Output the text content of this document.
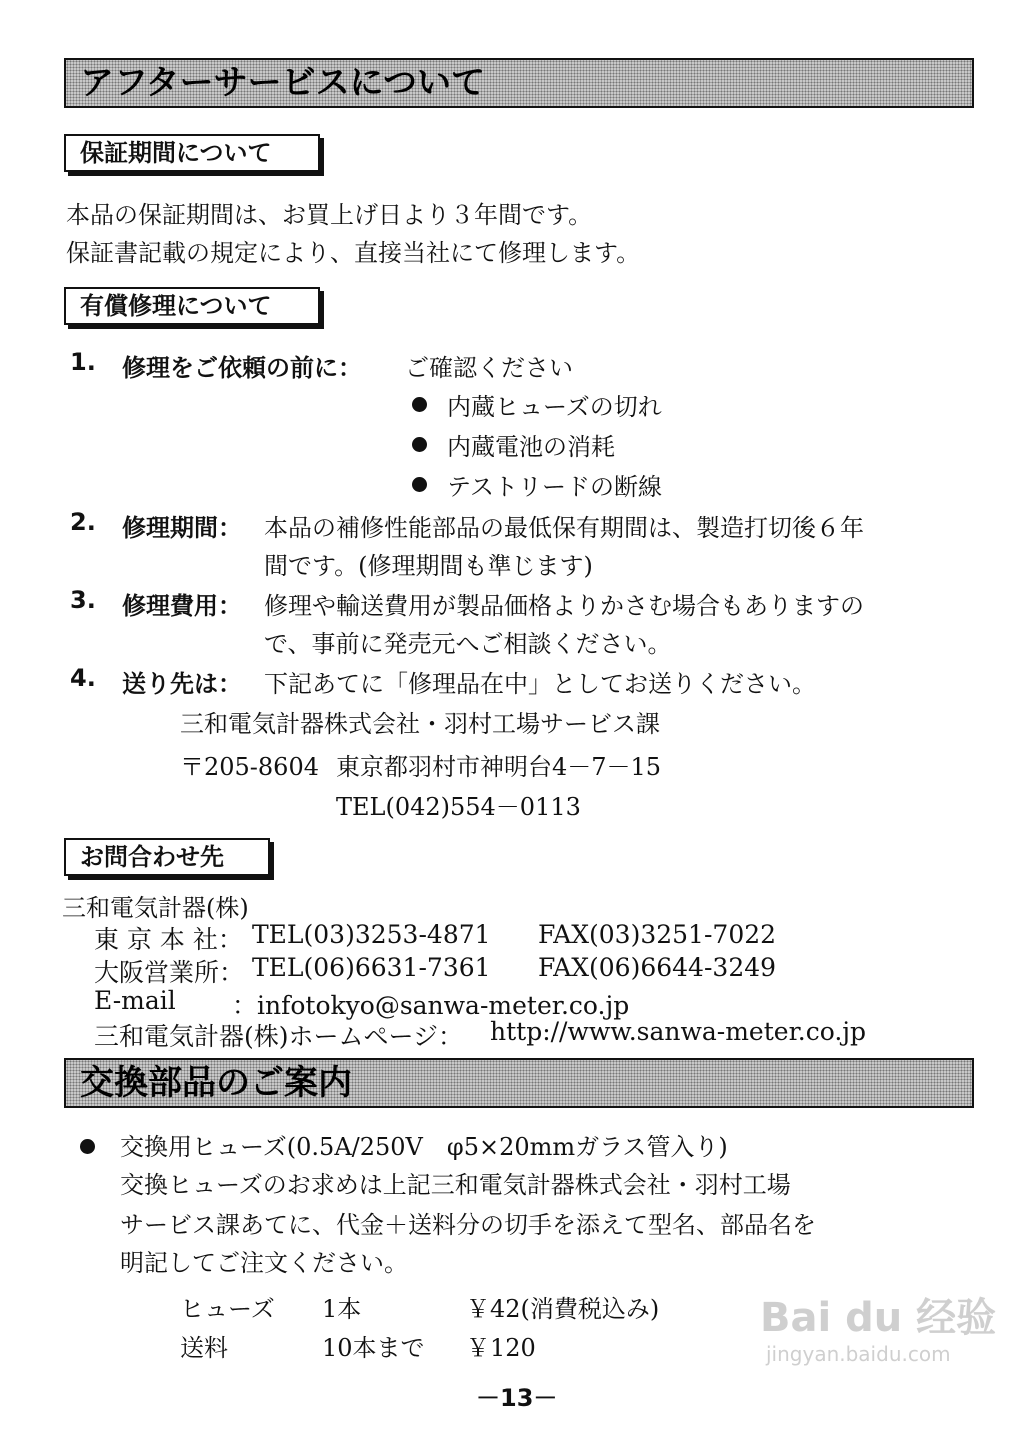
アフターサービスについて
保証期間について
本品の保証期間は、お買上げ日より３年間です。
保証書記載の規定により、直接当社にて修理します。
有償修理について
1. 修理をご依頼の前に： ご確認ください
内蔵ヒューズの切れ
内蔵電池の消耗
テストリードの断線
2. 修理期間： 本品の補修性能部品の最低保有期間は、製造打切後６年
間です。(修理期間も準じます)
3. 修理費用： 修理や輸送費用が製品価格よりかさむ場合もありますの
で、事前に発売元へご相談ください。
4. 送り先は： 下記あてに「修理品在中」としてお送りください。
三和電気計器株式会社・羽村工場サービス課
〒205-8604 東京都羽村市神明台4－7－15
TEL(042)554－0113
お問合わせ先
三和電気計器(株)
東 京 本 社： TEL(03)3253-4871 FAX(03)3251-7022
大阪営業所： TEL(06)6631-7361 FAX(06)6644-3249
E-mail ：infotokyo@sanwa-meter.co.jp
三和電気計器(株)ホームページ： http://www.sanwa-meter.co.jp
交換部品のご案内
交換用ヒューズ(0.5A/250V　φ5×20mmガラス管入り)
交換ヒューズのお求めは上記三和電気計器株式会社・羽村工場
サービス課あてに、代金＋送料分の切手を添えて型名、部品名を
明記してご注文ください。
ヒューズ 1本	￥42(消費税込み)
送料	10本まで ￥120
－13－
Bai du 经验
jingyan.baidu.com
